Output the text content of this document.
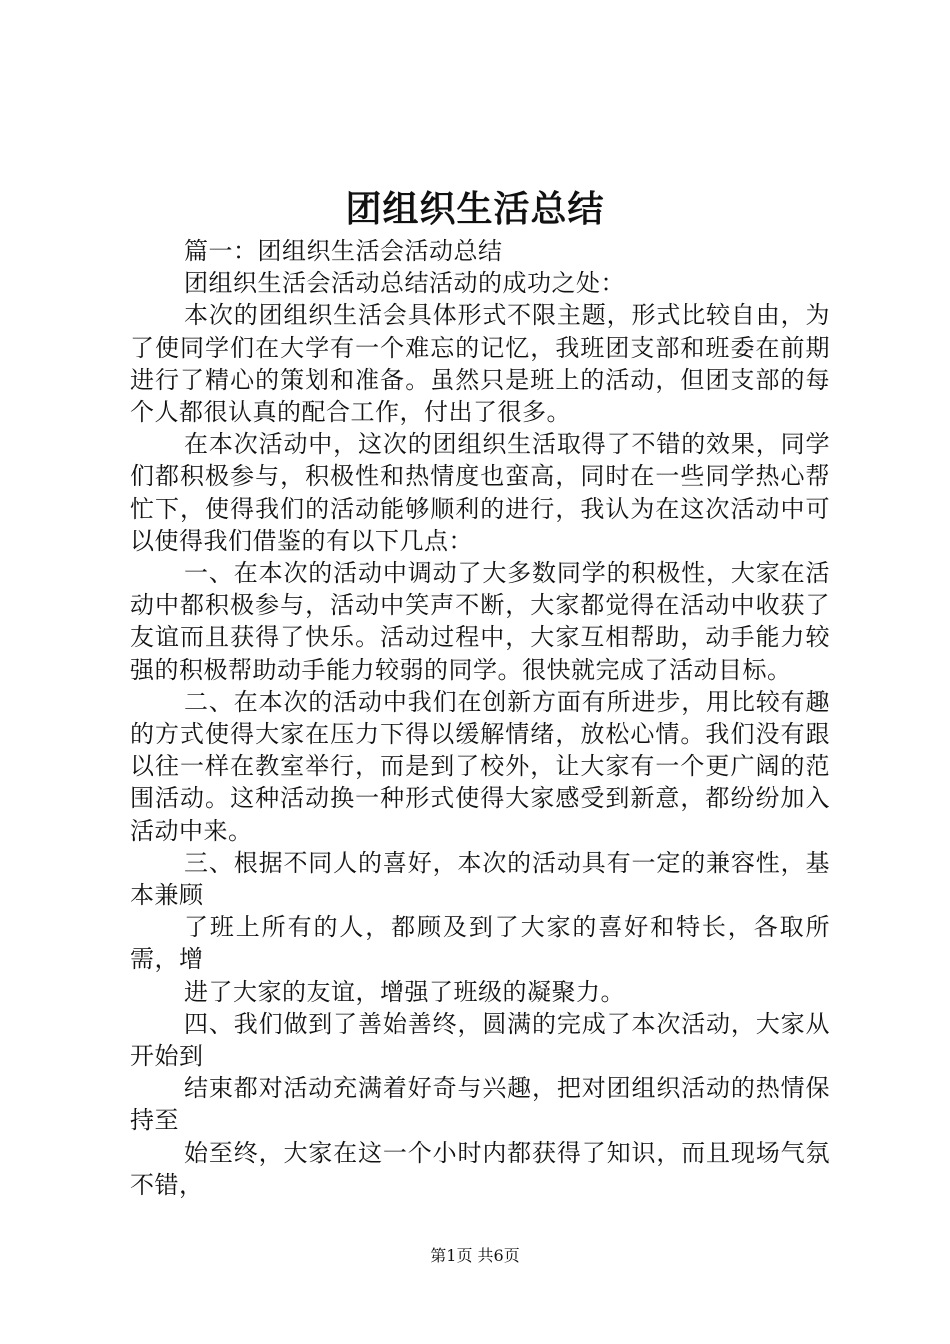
团组织生活总结

篇一：团组织生活会活动总结

团组织生活会活动总结活动的成功之处：

本次的团组织生活会具体形式不限主题，形式比较自由，为了使同学们在大学有一个难忘的记忆，我班团支部和班委在前期进行了精心的策划和准备。虽然只是班上的活动，但团支部的每个人都很认真的配合工作，付出了很多。

在本次活动中，这次的团组织生活取得了不错的效果，同学们都积极参与，积极性和热情度也蛮高，同时在一些同学热心帮忙下，使得我们的活动能够顺利的进行，我认为在这次活动中可以使得我们借鉴的有以下几点：

一、在本次的活动中调动了大多数同学的积极性，大家在活动中都积极参与，活动中笑声不断，大家都觉得在活动中收获了友谊而且获得了快乐。活动过程中，大家互相帮助，动手能力较强的积极帮助动手能力较弱的同学。很快就完成了活动目标。

二、在本次的活动中我们在创新方面有所进步，用比较有趣的方式使得大家在压力下得以缓解情绪，放松心情。我们没有跟以往一样在教室举行，而是到了校外，让大家有一个更广阔的范围活动。这种活动换一种形式使得大家感受到新意，都纷纷加入活动中来。

三、根据不同人的喜好，本次的活动具有一定的兼容性，基本兼顾

了班上所有的人，都顾及到了大家的喜好和特长，各取所需，增

进了大家的友谊，增强了班级的凝聚力。

四、我们做到了善始善终，圆满的完成了本次活动，大家从开始到

结束都对活动充满着好奇与兴趣，把对团组织活动的热情保持至

始至终，大家在这一个小时内都获得了知识，而且现场气氛不错，

第1页 共6页
